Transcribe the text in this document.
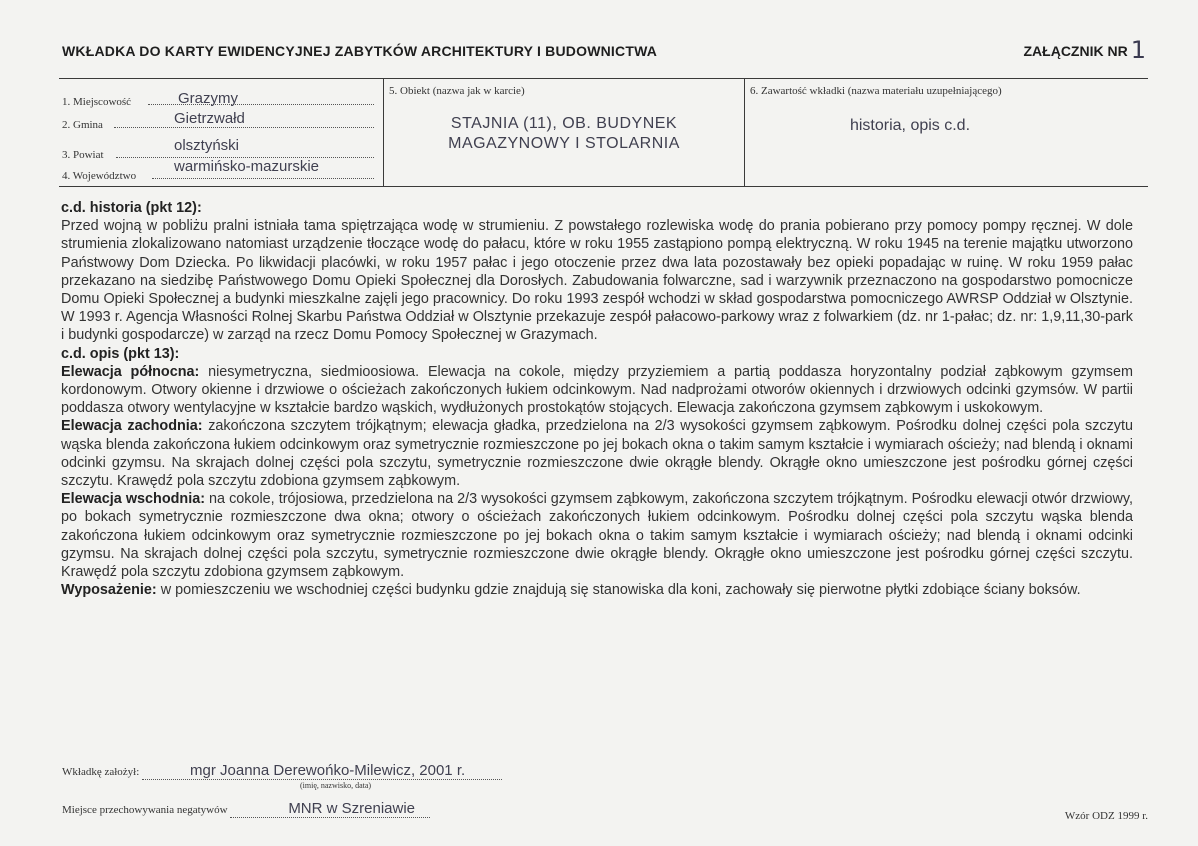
WKŁADKA DO KARTY EWIDENCYJNEJ ZABYTKÓW ARCHITEKTURY I BUDOWNICTWA	ZAŁĄCZNIK NR 1
1. Miejscowość	Grazymy
2. Gmina	Gietrzwałd
3. Powiat
olsztyński
4. Województwo
warmińsko-mazurskie
5. Obiekt (nazwa jak w karcie)
STAJNIA (11), OB. BUDYNEK
MAGAZYNOWY I STOLARNIA
6. Zawartość wkładki (nazwa materiału uzupełniającego)
historia, opis c.d.

c.d. historia (pkt 12):

Przed wojną w pobliżu pralni istniała tama spiętrzająca wodę w strumieniu. Z powstałego rozlewiska wodę do prania pobierano przy pomocy pompy ręcznej. W dole strumienia zlokalizowano natomiast urządzenie tłoczące wodę do pałacu, które w roku 1955 zastąpiono pompą elektryczną. W roku 1945 na terenie majątku utworzono Państwowy Dom Dziecka. Po likwidacji placówki, w roku 1957 pałac i jego otoczenie przez dwa lata pozostawały bez opieki popadając w ruinę. W roku 1959 pałac przekazano na siedzibę Państwowego Domu Opieki Społecznej dla Dorosłych. Zabudowania folwarczne, sad i warzywnik przeznaczono na gospodarstwo pomocnicze Domu Opieki Społecznej a budynki mieszkalne zajęli jego pracownicy. Do roku 1993 zespół wchodzi w skład gospodarstwa pomocniczego AWRSP Oddział w Olsztynie. W 1993 r. Agencja Własności Rolnej Skarbu Państwa Oddział w Olsztynie przekazuje zespół pałacowo-parkowy wraz z folwarkiem (dz. nr 1-pałac; dz. nr: 1,9,11,30-park i budynki gospodarcze) w zarząd na rzecz Domu Pomocy Społecznej w Grazymach.

c.d. opis (pkt 13):

Elewacja północna: niesymetryczna, siedmioosiowa. Elewacja na cokole, między przyziemiem a partią poddasza horyzontalny podział ząbkowym gzymsem kordonowym. Otwory okienne i drzwiowe o ościeżach zakończonych łukiem odcinkowym. Nad nadprożami otworów okiennych i drzwiowych odcinki gzymsów. W partii poddasza otwory wentylacyjne w kształcie bardzo wąskich, wydłużonych prostokątów stojących. Elewacja zakończona gzymsem ząbkowym i uskokowym.

Elewacja zachodnia: zakończona szczytem trójkątnym; elewacja gładka, przedzielona na 2/3 wysokości gzymsem ząbkowym. Pośrodku dolnej części pola szczytu wąska blenda zakończona łukiem odcinkowym oraz symetrycznie rozmieszczone po jej bokach okna o takim samym kształcie i wymiarach ościeży; nad blendą i oknami odcinki gzymsu. Na skrajach dolnej części pola szczytu, symetrycznie rozmieszczone dwie okrągłe blendy. Okrągłe okno umieszczone jest pośrodku górnej części szczytu. Krawędź pola szczytu zdobiona gzymsem ząbkowym.

Elewacja wschodnia: na cokole, trójosiowa, przedzielona na 2/3 wysokości gzymsem ząbkowym, zakończona szczytem trójkątnym. Pośrodku elewacji otwór drzwiowy, po bokach symetrycznie rozmieszczone dwa okna; otwory o ościeżach zakończonych łukiem odcinkowym. Pośrodku dolnej części pola szczytu wąska blenda zakończona łukiem odcinkowym oraz symetrycznie rozmieszczone po jej bokach okna o takim samym kształcie i wymiarach ościeży; nad blendą i oknami odcinki gzymsu. Na skrajach dolnej części pola szczytu, symetrycznie rozmieszczone dwie okrągłe blendy. Okrągłe okno umieszczone jest pośrodku górnej części szczytu. Krawędź pola szczytu zdobiona gzymsem ząbkowym.

Wyposażenie: w pomieszczeniu we wschodniej części budynku gdzie znajdują się stanowiska dla koni, zachowały się pierwotne płytki zdobiące ściany boksów.

Wkładkę założył:	mgr Joanna Derewońko-Milewicz, 2001 r.
(imię, nazwisko, data)
Miejsce przechowywania negatywów	MNR w Szreniawie	Wzór ODZ 1999 r.
